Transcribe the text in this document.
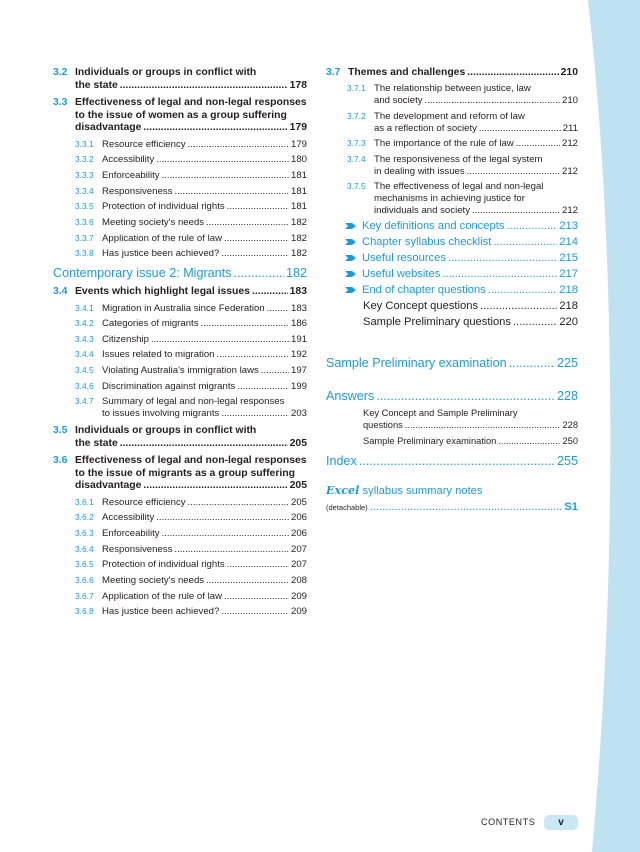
3.2 Individuals or groups in conflict with
the state .....	178
3.3 Effectiveness of legal and non-legal responses
to the issue of women as a group suffering
disadvantage .....	179
3.3.1 Resource efficiency .....	179
3.3.2 Accessibility .....	180
3.3.3 Enforceability .....	181
3.3.4 Responsiveness .....	181
3.3.5 Protection of individual rights .....	181
3.3.6 Meeting society's needs .....	182
3.3.7 Application of the rule of law .....	182
3.3.8 Has justice been achieved? .....	182
Contemporary issue 2: Migrants .....	182
3.4 Events which highlight legal issues .....	183
3.4.1 Migration in Australia since Federation .....	183
3.4.2 Categories of migrants .....	186
3.4.3 Citizenship .....	191
3.4.4 Issues related to migration .....	192
3.4.5 Violating Australia's immigration laws .....	197
3.4.6 Discrimination against migrants .....	199
3.4.7 Summary of legal and non-legal responses
to issues involving migrants .....	203
3.5 Individuals or groups in conflict with
the state .....	205
3.6 Effectiveness of legal and non-legal responses
to the issue of migrants as a group suffering
disadvantage .....	205
3.6.1 Resource efficiency .....	205
3.6.2 Accessibility .....	206
3.6.3 Enforceability .....	206
3.6.4 Responsiveness .....	207
3.6.5 Protection of individual rights .....	207
3.6.6 Meeting society's needs .....	208
3.6.7 Application of the rule of law .....	209
3.6.8 Has justice been achieved? .....	209
3.7 Themes and challenges .....	210
3.7.1 The relationship between justice, law
and society .....	210
3.7.2 The development and reform of law
as a reflection of society .....	211
3.7.3 The importance of the rule of law .....	212
3.7.4 The responsiveness of the legal system
in dealing with issues .....	212
3.7.5 The effectiveness of legal and non-legal
mechanisms in achieving justice for
individuals and society .....	212
Key definitions and concepts .....	213
Chapter syllabus checklist .....	214
Useful resources .....	215
Useful websites .....	217
End of chapter questions .....	218
Key Concept questions .....	218
Sample Preliminary questions .....	220
Sample Preliminary examination .....	225
Answers .....	228
Key Concept and Sample Preliminary
questions .....	228
Sample Preliminary examination .....	250
Index .....	255
Excel syllabus summary notes
(detachable) .....	S1
CONTENTS	v
